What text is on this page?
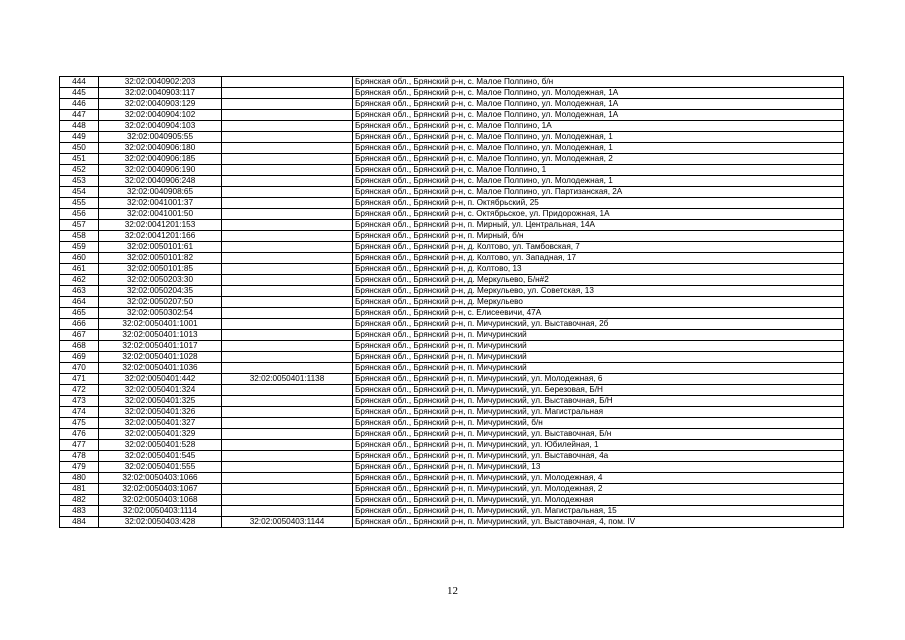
444	32:02:0040902:203		Брянская обл., Брянский р-н, с. Малое Полпино, б/н
445	32:02:0040903:117		Брянская обл., Брянский р-н, с. Малое Полпино, ул. Молодежная, 1А
446	32:02:0040903:129		Брянская обл., Брянский р-н, с. Малое Полпино, ул. Молодежная, 1А
447	32:02:0040904:102		Брянская обл., Брянский р-н, с. Малое Полпино, ул. Молодежная, 1А
448	32:02:0040904:103		Брянская обл., Брянский р-н, с. Малое Полпино, 1А
449	32:02:0040905:55		Брянская обл., Брянский р-н, с. Малое Полпино, ул. Молодежная, 1
450	32:02:0040906:180		Брянская обл., Брянский р-н, с. Малое Полпино, ул. Молодежная, 1
451	32:02:0040906:185		Брянская обл., Брянский р-н, с. Малое Полпино, ул. Молодежная, 2
452	32:02:0040906:190		Брянская обл., Брянский р-н, с. Малое Полпино, 1
453	32:02:0040906:248		Брянская обл., Брянский р-н, с. Малое Полпино, ул. Молодежная, 1
454	32:02:0040908:65		Брянская обл., Брянский р-н, с. Малое Полпино, ул. Партизанская, 2А
455	32:02:0041001:37		Брянская обл., Брянский р-н, п. Октябрьский, 25
456	32:02:0041001:50		Брянская обл., Брянский р-н, с. Октябрьское, ул. Придорожная, 1А
457	32:02:0041201:153		Брянская обл., Брянский р-н, п. Мирный, ул. Центральная, 14А
458	32:02:0041201:166		Брянская обл., Брянский р-н, п. Мирный, б/н
459	32:02:0050101:61		Брянская обл., Брянский р-н, д. Колтово, ул. Тамбовская, 7
460	32:02:0050101:82		Брянская обл., Брянский р-н, д. Колтово, ул. Западная, 17
461	32:02:0050101:85		Брянская обл., Брянский р-н, д. Колтово, 13
462	32:02:0050203:30		Брянская обл., Брянский р-н, д. Меркульево, Б/н#2
463	32:02:0050204:35		Брянская обл., Брянский р-н, д. Меркульево, ул. Советская, 13
464	32:02:0050207:50		Брянская обл., Брянский р-н, д. Меркульево
465	32:02:0050302:54		Брянская обл., Брянский р-н, с. Елисеевичи, 47А
466	32:02:0050401:1001		Брянская обл., Брянский р-н, п. Мичуринский, ул. Выставочная, 2б
467	32:02:0050401:1013		Брянская обл., Брянский р-н, п. Мичуринский
468	32:02:0050401:1017		Брянская обл., Брянский р-н, п. Мичуринский
469	32:02:0050401:1028		Брянская обл., Брянский р-н, п. Мичуринский
470	32:02:0050401:1036		Брянская обл., Брянский р-н, п. Мичуринский
471	32:02:0050401:442	32:02:0050401:1138	Брянская обл., Брянский р-н, п. Мичуринский, ул. Молодежная, 6
472	32:02:0050401:324		Брянская обл., Брянский р-н, п. Мичуринский, ул. Березовая, Б/Н
473	32:02:0050401:325		Брянская обл., Брянский р-н, п. Мичуринский, ул. Выставочная, Б/Н
474	32:02:0050401:326		Брянская обл., Брянский р-н, п. Мичуринский, ул. Магистральная
475	32:02:0050401:327		Брянская обл., Брянский р-н, п. Мичуринский, б/н
476	32:02:0050401:329		Брянская обл., Брянский р-н, п. Мичуринский, ул. Выставочная, Б/н
477	32:02:0050401:528		Брянская обл., Брянский р-н, п. Мичуринский, ул. Юбилейная, 1
478	32:02:0050401:545		Брянская обл., Брянский р-н, п. Мичуринский, ул. Выставочная, 4а
479	32:02:0050401:555		Брянская обл., Брянский р-н, п. Мичуринский, 13
480	32:02:0050403:1066		Брянская обл., Брянский р-н, п. Мичуринский, ул. Молодежная, 4
481	32:02:0050403:1067		Брянская обл., Брянский р-н, п. Мичуринский, ул. Молодежная, 2
482	32:02:0050403:1068		Брянская обл., Брянский р-н, п. Мичуринский, ул. Молодежная
483	32:02:0050403:1114		Брянская обл., Брянский р-н, п. Мичуринский, ул. Магистральная, 15
484	32:02:0050403:428	32:02:0050403:1144	Брянская обл., Брянский р-н, п. Мичуринский, ул. Выставочная, 4, пом. IV
12
